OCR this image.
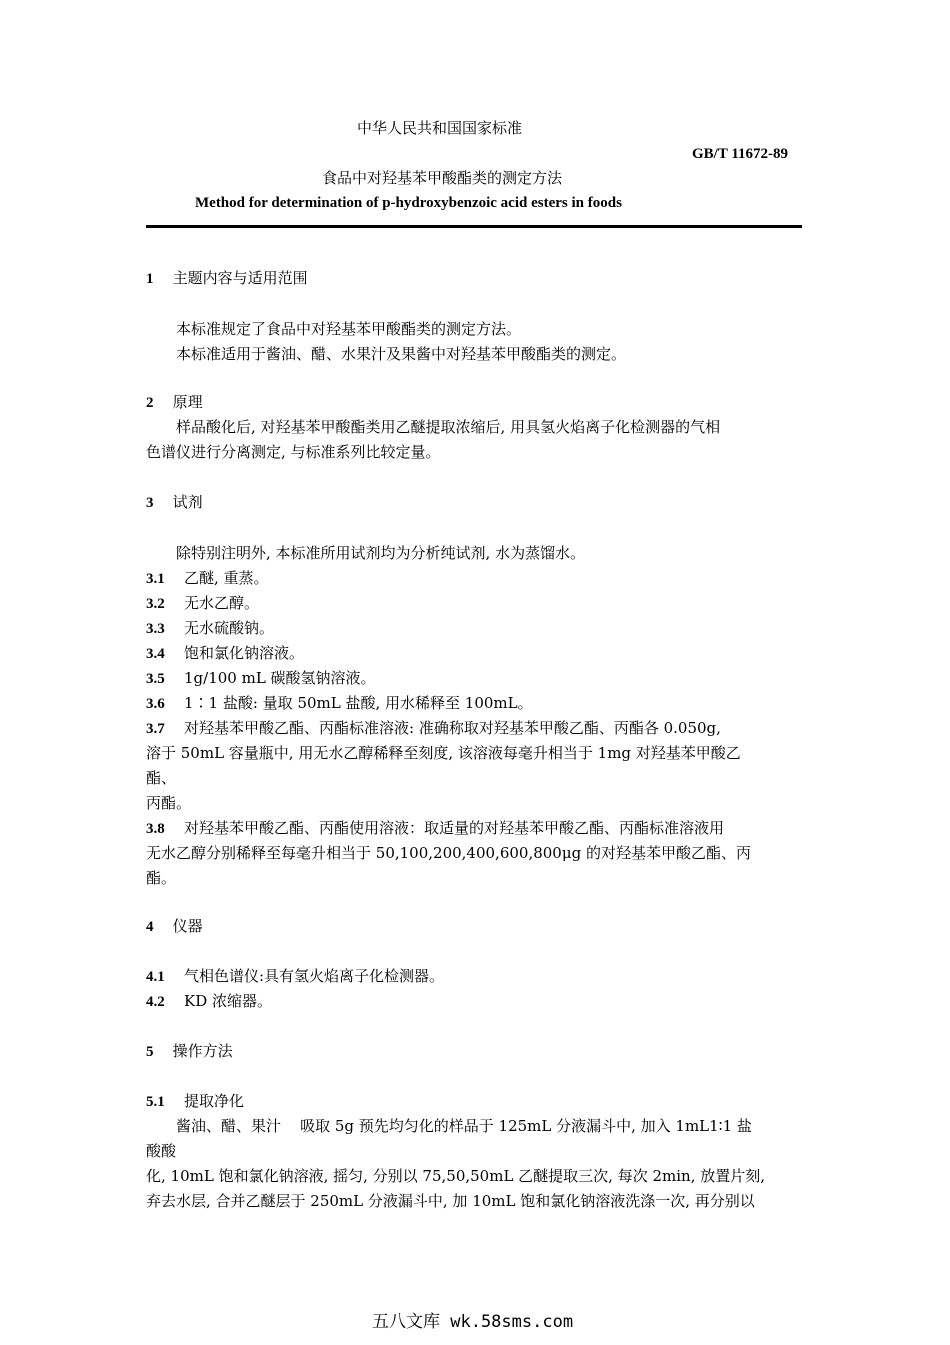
中华人民共和国国家标准
GB/T 11672-89
食品中对羟基苯甲酸酯类的测定方法
Method for determination of p-hydroxybenzoic acid esters in foods
1 主题内容与适用范围
本标准规定了食品中对羟基苯甲酸酯类的测定方法。
本标准适用于酱油、醋、水果汁及果酱中对羟基苯甲酸酯类的测定。
2 原理
样品酸化后, 对羟基苯甲酸酯类用乙醚提取浓缩后, 用具氢火焰离子化检测器的气相
色谱仪进行分离测定, 与标准系列比较定量。
3 试剂
除特别注明外, 本标准所用试剂均为分析纯试剂, 水为蒸馏水。
3.1 乙醚, 重蒸。
3.2 无水乙醇。
3.3 无水硫酸钠。
3.4 饱和氯化钠溶液。
3.5 1g/100 mL 碳酸氢钠溶液。
3.6 1∶1 盐酸: 量取 50mL 盐酸, 用水稀释至 100mL。
3.7 对羟基苯甲酸乙酯、丙酯标准溶液: 准确称取对羟基苯甲酸乙酯、丙酯各 0.050g,
溶于 50mL 容量瓶中, 用无水乙醇稀释至刻度, 该溶液每毫升相当于 1mg 对羟基苯甲酸乙
酯、
丙酯。
3.8 对羟基苯甲酸乙酯、丙酯使用溶液：取适量的对羟基苯甲酸乙酯、丙酯标准溶液用
无水乙醇分别稀释至每毫升相当于 50,100,200,400,600,800μg 的对羟基苯甲酸乙酯、丙
酯。
4 仪器
4.1 气相色谱仪:具有氢火焰离子化检测器。
4.2 KD 浓缩器。
5 操作方法
5.1 提取净化
酱油、醋、果汁    吸取 5g 预先均匀化的样品于 125mL 分液漏斗中, 加入 1mL1∶1 盐
酸酸
化, 10mL 饱和氯化钠溶液, 摇匀, 分别以 75,50,50mL 乙醚提取三次, 每次 2min, 放置片刻,
弃去水层, 合并乙醚层于 250mL 分液漏斗中, 加 10mL 饱和氯化钠溶液洗涤一次, 再分别以
五八文库 wk.58sms.com
